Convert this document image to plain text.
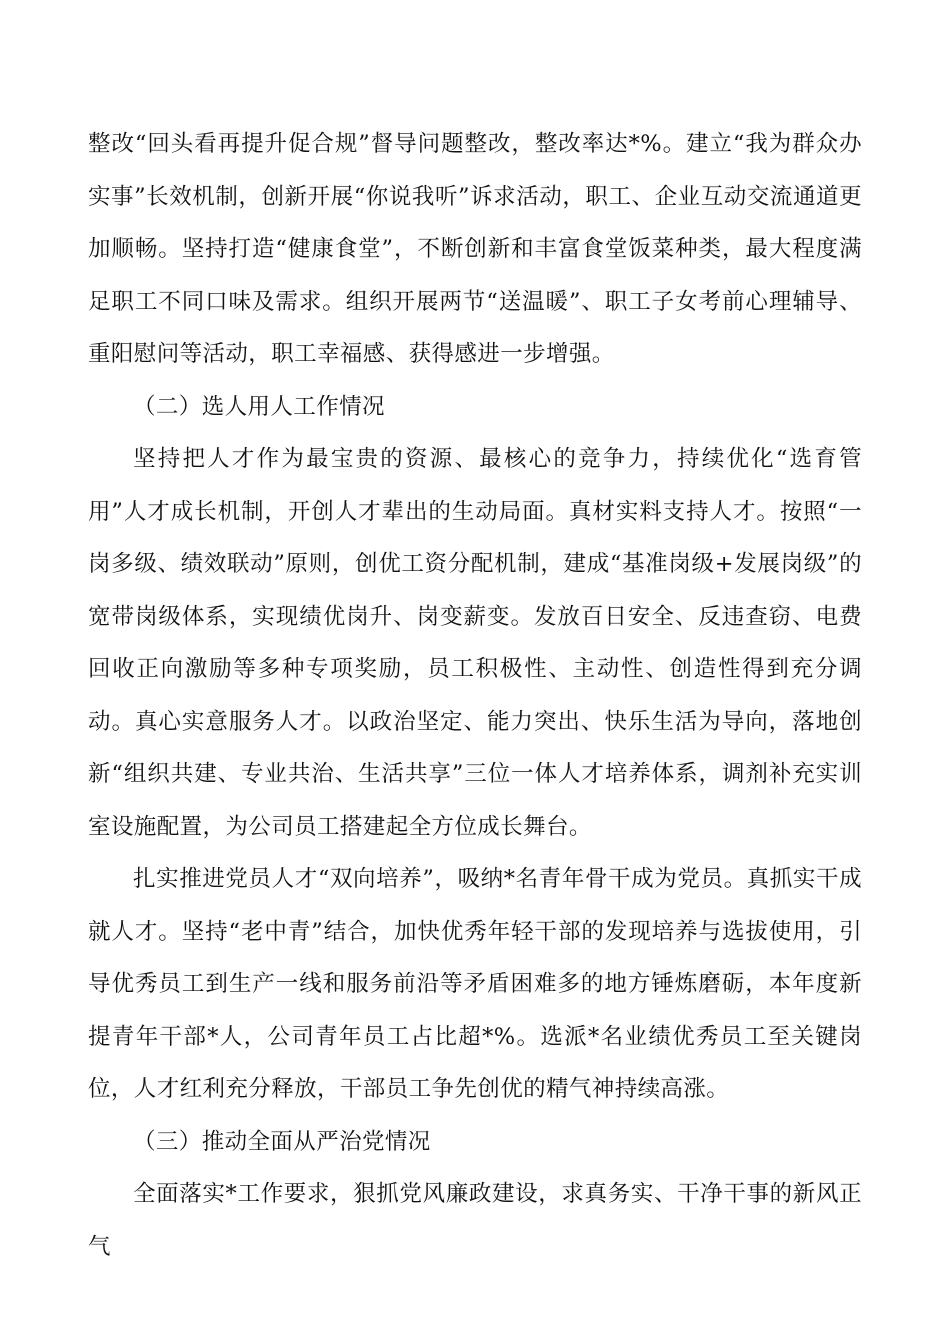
整改“回头看再提升促合规”督导问题整改，整改率达*%。建立“我为群众办实事”长效机制，创新开展“你说我听”诉求活动，职工、企业互动交流通道更加顺畅。坚持打造“健康食堂”，不断创新和丰富食堂饭菜种类，最大程度满足职工不同口味及需求。组织开展两节“送温暖”、职工子女考前心理辅导、重阳慰问等活动，职工幸福感、获得感进一步增强。

（二）选人用人工作情况

坚持把人才作为最宝贵的资源、最核心的竞争力，持续优化“选育管用”人才成长机制，开创人才辈出的生动局面。真材实料支持人才。按照“一岗多级、绩效联动”原则，创优工资分配机制，建成“基准岗级+发展岗级”的宽带岗级体系，实现绩优岗升、岗变薪变。发放百日安全、反违查窃、电费回收正向激励等多种专项奖励，员工积极性、主动性、创造性得到充分调动。真心实意服务人才。以政治坚定、能力突出、快乐生活为导向，落地创新“组织共建、专业共治、生活共享”三位一体人才培养体系，调剂补充实训室设施配置，为公司员工搭建起全方位成长舞台。

扎实推进党员人才“双向培养”，吸纳*名青年骨干成为党员。真抓实干成就人才。坚持“老中青”结合，加快优秀年轻干部的发现培养与选拔使用，引导优秀员工到生产一线和服务前沿等矛盾困难多的地方锤炼磨砺，本年度新提青年干部*人，公司青年员工占比超*%。选派*名业绩优秀员工至关键岗位，人才红利充分释放，干部员工争先创优的精气神持续高涨。

（三）推动全面从严治党情况

全面落实*工作要求，狠抓党风廉政建设，求真务实、干净干事的新风正气
